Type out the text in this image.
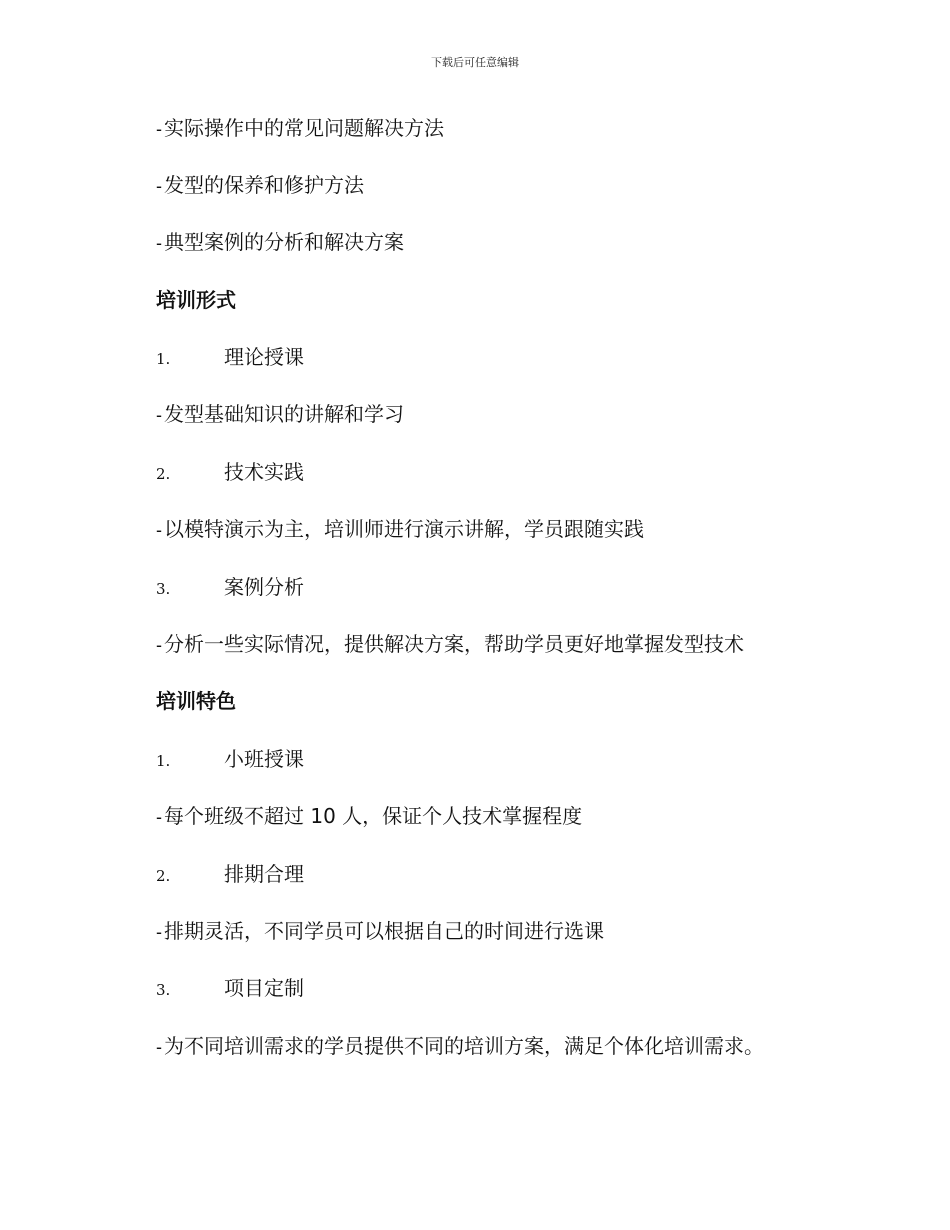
下载后可任意编辑
- 实际操作中的常见问题解决方法
- 发型的保养和修护方法
- 典型案例的分析和解决方案
培训形式
1.	理论授课
- 发型基础知识的讲解和学习
2.	技术实践
- 以模特演示为主，培训师进行演示讲解，学员跟随实践
3.	案例分析
- 分析一些实际情况，提供解决方案，帮助学员更好地掌握发型技术
培训特色
1.	小班授课
- 每个班级不超过 10 人，保证个人技术掌握程度
2.	排期合理
- 排期灵活，不同学员可以根据自己的时间进行选课
3.	项目定制
- 为不同培训需求的学员提供不同的培训方案，满足个体化培训需求。
